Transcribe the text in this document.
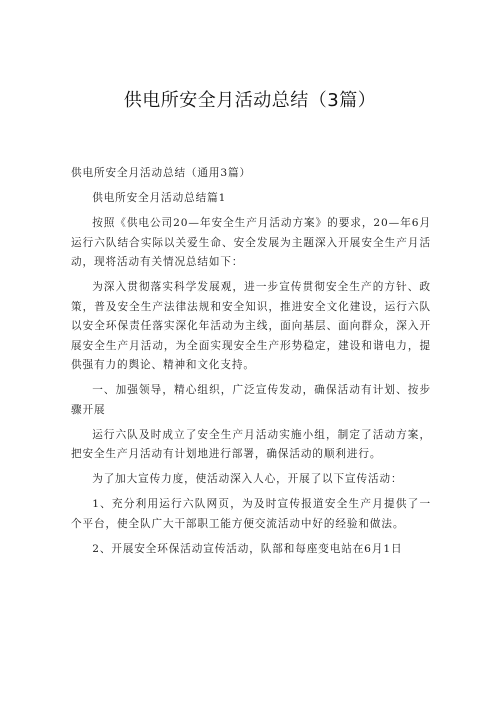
供电所安全月活动总结（3篇）

供电所安全月活动总结（通用3篇）

供电所安全月活动总结篇1

按照《供电公司20—年安全生产月活动方案》的要求，20—年6月运行六队结合实际以关爱生命、安全发展为主题深入开展安全生产月活动，现将活动有关情况总结如下：

为深入贯彻落实科学发展观，进一步宣传贯彻安全生产的方针、政策，普及安全生产法律法规和安全知识，推进安全文化建设，运行六队以安全环保责任落实深化年活动为主线，面向基层、面向群众，深入开展安全生产月活动，为全面实现安全生产形势稳定，建设和谐电力，提供强有力的舆论、精神和文化支持。

一、加强领导，精心组织，广泛宣传发动，确保活动有计划、按步骤开展

运行六队及时成立了安全生产月活动实施小组，制定了活动方案，把安全生产月活动有计划地进行部署，确保活动的顺利进行。

为了加大宣传力度，使活动深入人心，开展了以下宣传活动：

1、充分利用运行六队网页，为及时宣传报道安全生产月提供了一个平台，使全队广大干部职工能方便交流活动中好的经验和做法。

2、开展安全环保活动宣传活动，队部和每座变电站在6月1日
